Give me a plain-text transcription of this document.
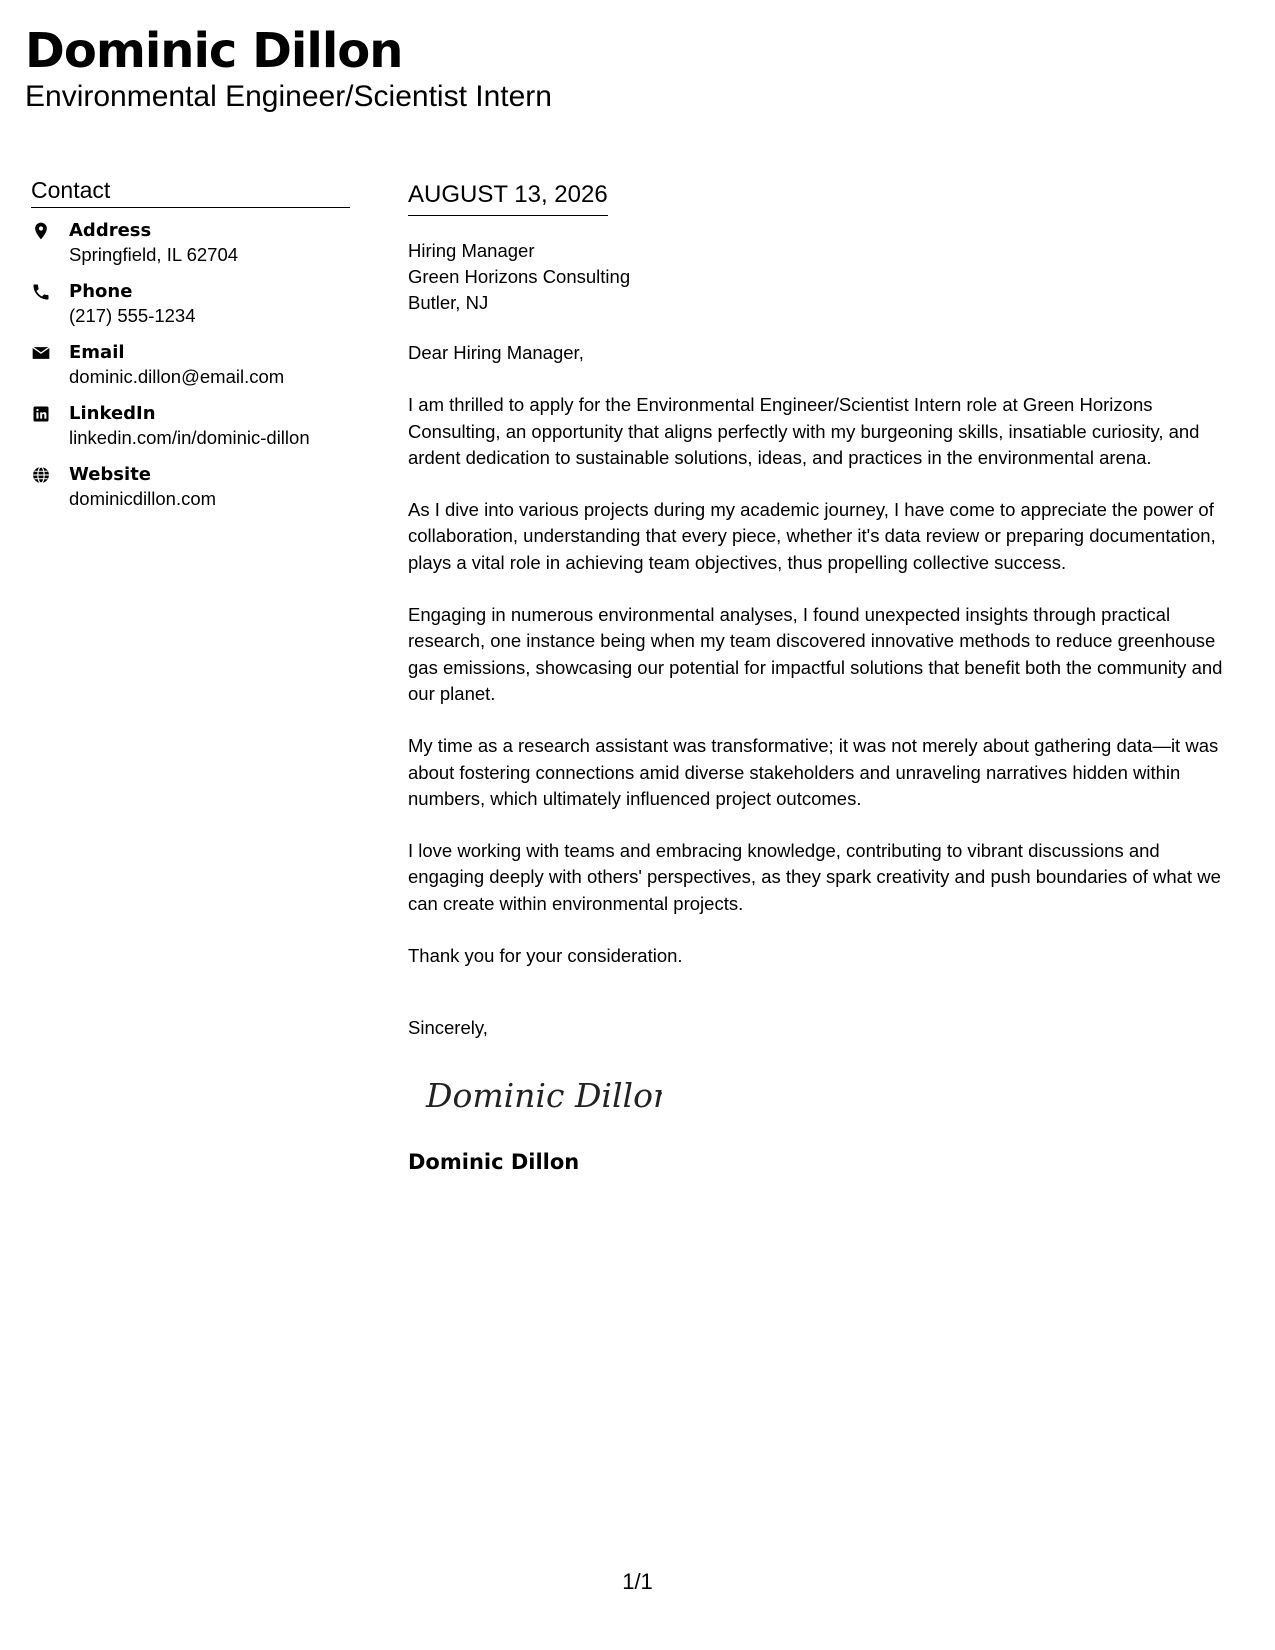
Dominic Dillon
Environmental Engineer/Scientist Intern
Contact
Address
Springfield, IL 62704
Phone
(217) 555-1234
Email
dominic.dillon@email.com
LinkedIn
linkedin.com/in/dominic-dillon
Website
dominicdillon.com
AUGUST 13, 2026
Hiring Manager
Green Horizons Consulting
Butler, NJ

Dear Hiring Manager,

I am thrilled to apply for the Environmental Engineer/Scientist Intern role at Green Horizons Consulting, an opportunity that aligns perfectly with my burgeoning skills, insatiable curiosity, and ardent dedication to sustainable solutions, ideas, and practices in the environmental arena.

As I dive into various projects during my academic journey, I have come to appreciate the power of collaboration, understanding that every piece, whether it's data review or preparing documentation, plays a vital role in achieving team objectives, thus propelling collective success.

Engaging in numerous environmental analyses, I found unexpected insights through practical research, one instance being when my team discovered innovative methods to reduce greenhouse gas emissions, showcasing our potential for impactful solutions that benefit both the community and our planet.

My time as a research assistant was transformative; it was not merely about gathering data—it was about fostering connections amid diverse stakeholders and unraveling narratives hidden within numbers, which ultimately influenced project outcomes.

I love working with teams and embracing knowledge, contributing to vibrant discussions and engaging deeply with others' perspectives, as they spark creativity and push boundaries of what we can create within environmental projects.

Thank you for your consideration.

Sincerely,
Dominic Dillon
Dominic Dillon
1/1
